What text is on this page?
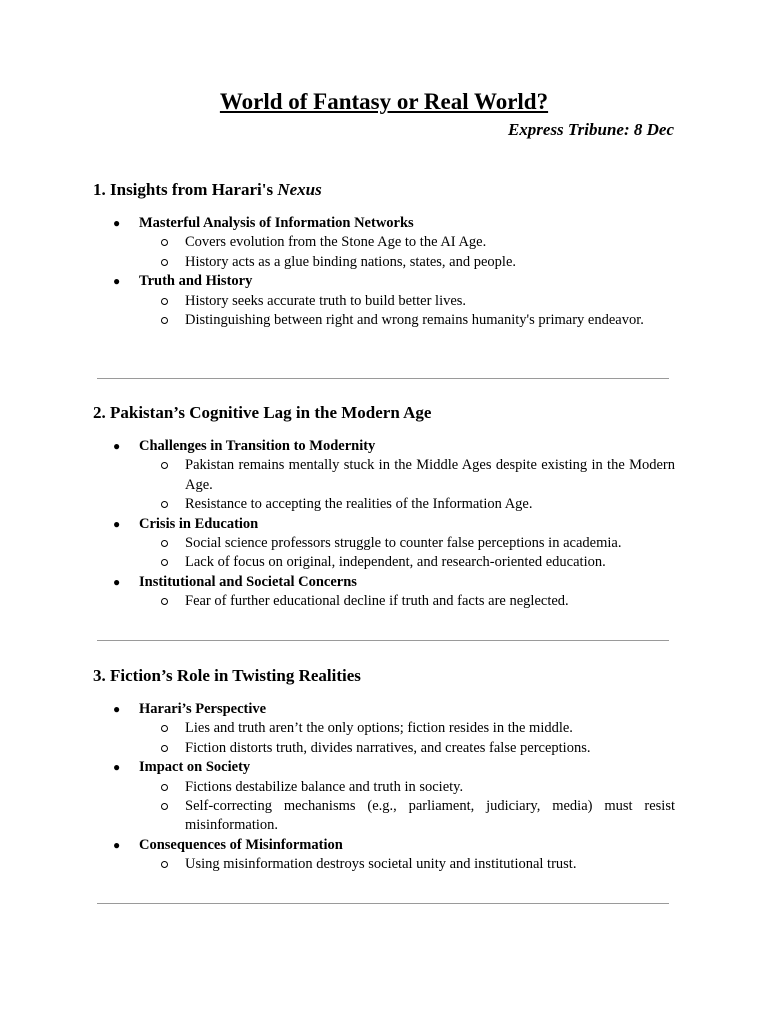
World of Fantasy or Real World?
Express Tribune: 8 Dec
1. Insights from Harari's Nexus
● Masterful Analysis of Information Networks
Covers evolution from the Stone Age to the AI Age.
History acts as a glue binding nations, states, and people.
● Truth and History
History seeks accurate truth to build better lives.
Distinguishing between right and wrong remains humanity's primary endeavor.
2. Pakistan’s Cognitive Lag in the Modern Age
● Challenges in Transition to Modernity
Pakistan remains mentally stuck in the Middle Ages despite existing in the Modern Age.
Resistance to accepting the realities of the Information Age.
● Crisis in Education
Social science professors struggle to counter false perceptions in academia.
Lack of focus on original, independent, and research-oriented education.
● Institutional and Societal Concerns
Fear of further educational decline if truth and facts are neglected.
3. Fiction’s Role in Twisting Realities
● Harari’s Perspective
Lies and truth aren’t the only options; fiction resides in the middle.
Fiction distorts truth, divides narratives, and creates false perceptions.
● Impact on Society
Fictions destabilize balance and truth in society.
Self-correcting mechanisms (e.g., parliament, judiciary, media) must resist misinformation.
● Consequences of Misinformation
Using misinformation destroys societal unity and institutional trust.
